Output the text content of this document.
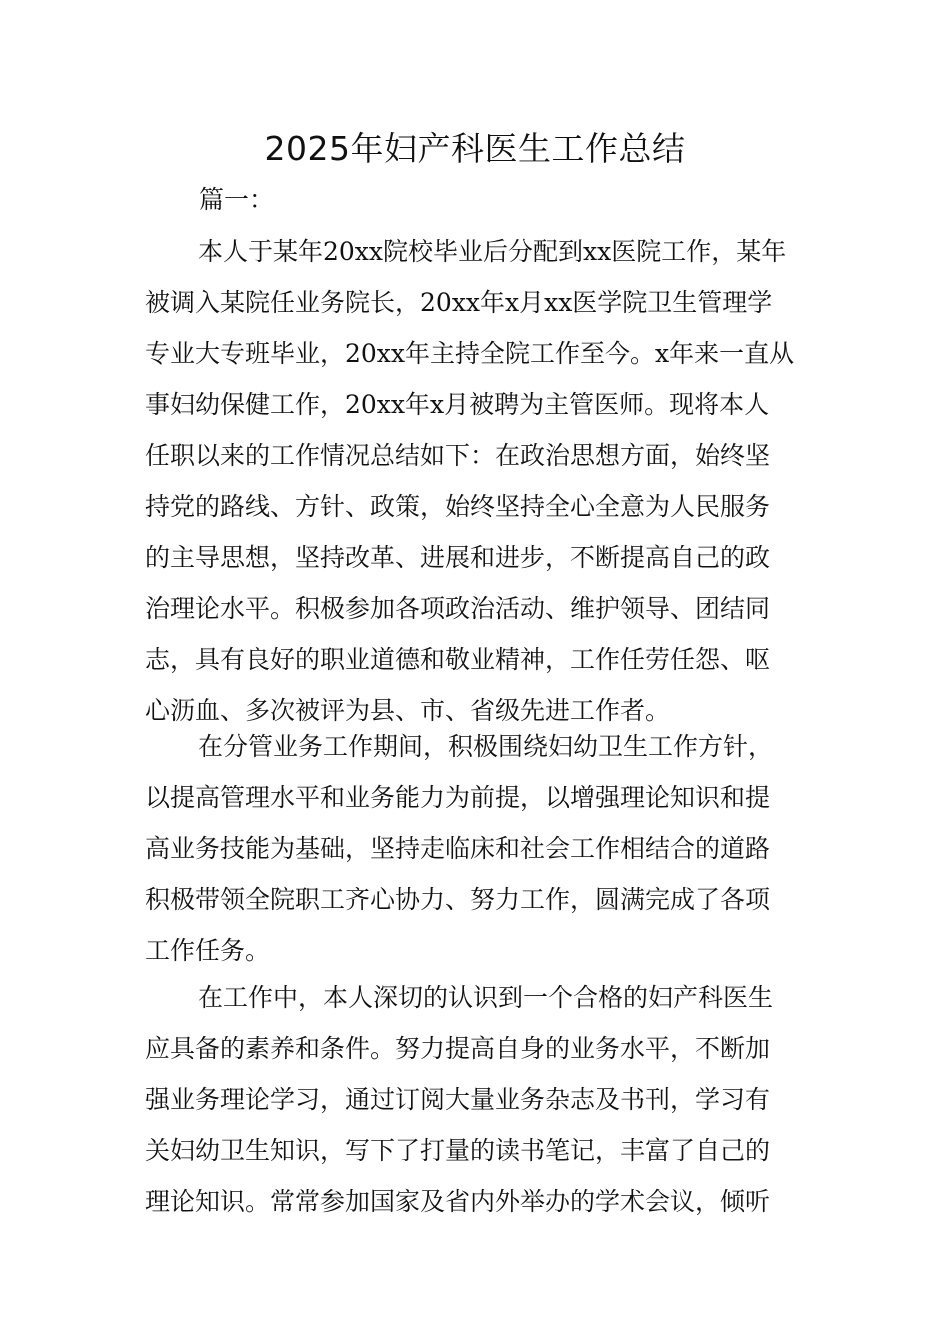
2025年妇产科医生工作总结

篇一：

本人于某年20xx院校毕业后分配到xx医院工作，某年
被调入某院任业务院长，20xx年x月xx医学院卫生管理学
专业大专班毕业，20xx年主持全院工作至今。x年来一直从
事妇幼保健工作，20xx年x月被聘为主管医师。现将本人
任职以来的工作情况总结如下：在政治思想方面，始终坚
持党的路线、方针、政策，始终坚持全心全意为人民服务
的主导思想，坚持改革、进展和进步，不断提高自己的政
治理论水平。积极参加各项政治活动、维护领导、团结同
志，具有良好的职业道德和敬业精神，工作任劳任怨、呕
心沥血、多次被评为县、市、省级先进工作者。
在分管业务工作期间，积极围绕妇幼卫生工作方针，
以提高管理水平和业务能力为前提，以增强理论知识和提
高业务技能为基础，坚持走临床和社会工作相结合的道路
积极带领全院职工齐心协力、努力工作，圆满完成了各项
工作任务。
在工作中，本人深切的认识到一个合格的妇产科医生
应具备的素养和条件。努力提高自身的业务水平，不断加
强业务理论学习，通过订阅大量业务杂志及书刊，学习有
关妇幼卫生知识，写下了打量的读书笔记，丰富了自己的
理论知识。常常参加国家及省内外举办的学术会议，倾听
